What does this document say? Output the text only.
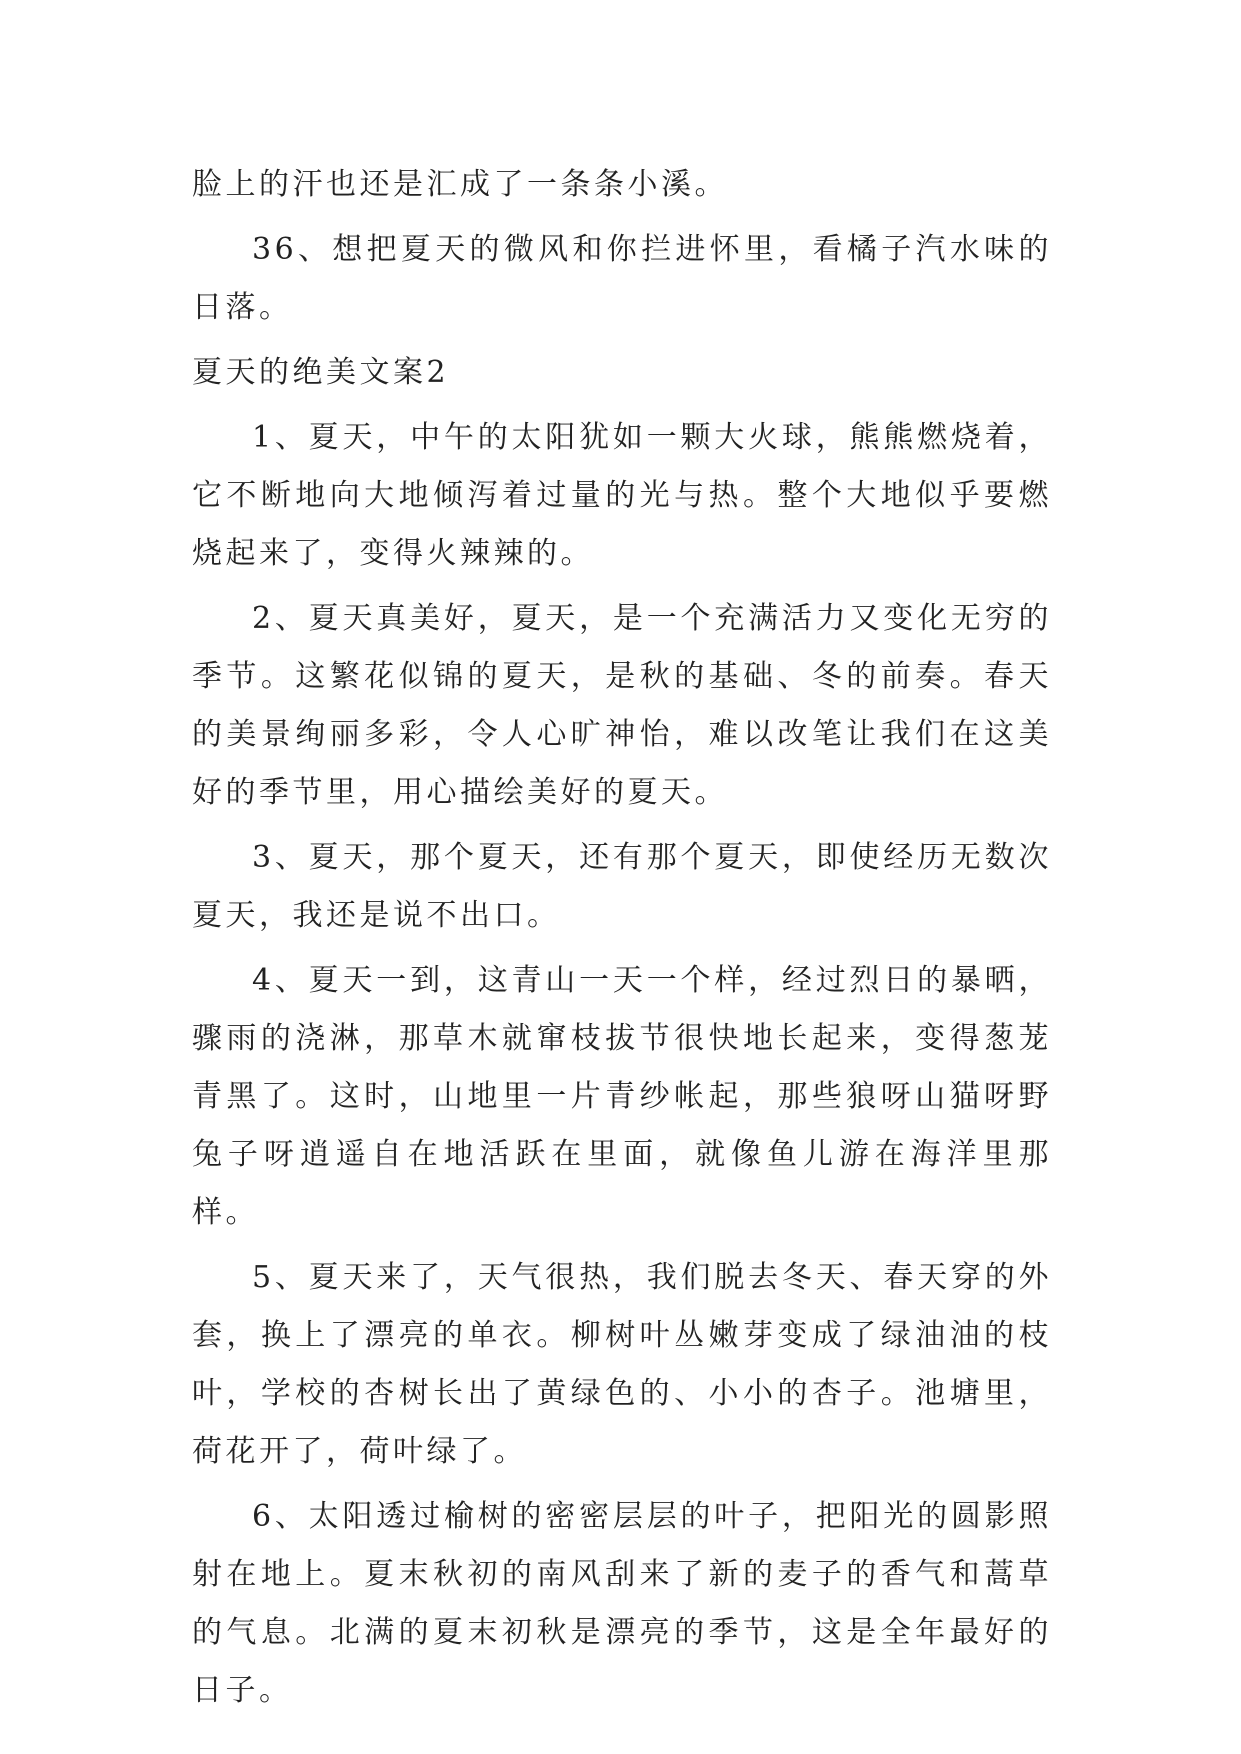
脸上的汗也还是汇成了一条条小溪。

36、想把夏天的微风和你拦进怀里，看橘子汽水味的日落。

夏天的绝美文案2

1、夏天，中午的太阳犹如一颗大火球，熊熊燃烧着，它不断地向大地倾泻着过量的光与热。整个大地似乎要燃烧起来了，变得火辣辣的。

2、夏天真美好，夏天，是一个充满活力又变化无穷的季节。这繁花似锦的夏天，是秋的基础、冬的前奏。春天的美景绚丽多彩，令人心旷神怡，难以改笔让我们在这美好的季节里，用心描绘美好的夏天。

3、夏天，那个夏天，还有那个夏天，即使经历无数次夏天，我还是说不出口。

4、夏天一到，这青山一天一个样，经过烈日的暴晒，骤雨的浇淋，那草木就窜枝拔节很快地长起来，变得葱茏青黑了。这时，山地里一片青纱帐起，那些狼呀山猫呀野兔子呀逍遥自在地活跃在里面，就像鱼儿游在海洋里那样。

5、夏天来了，天气很热，我们脱去冬天、春天穿的外套，换上了漂亮的单衣。柳树叶丛嫩芽变成了绿油油的枝叶，学校的杏树长出了黄绿色的、小小的杏子。池塘里，荷花开了，荷叶绿了。

6、太阳透过榆树的密密层层的叶子，把阳光的圆影照射在地上。夏末秋初的南风刮来了新的麦子的香气和蒿草的气息。北满的夏末初秋是漂亮的季节，这是全年最好的日子。
